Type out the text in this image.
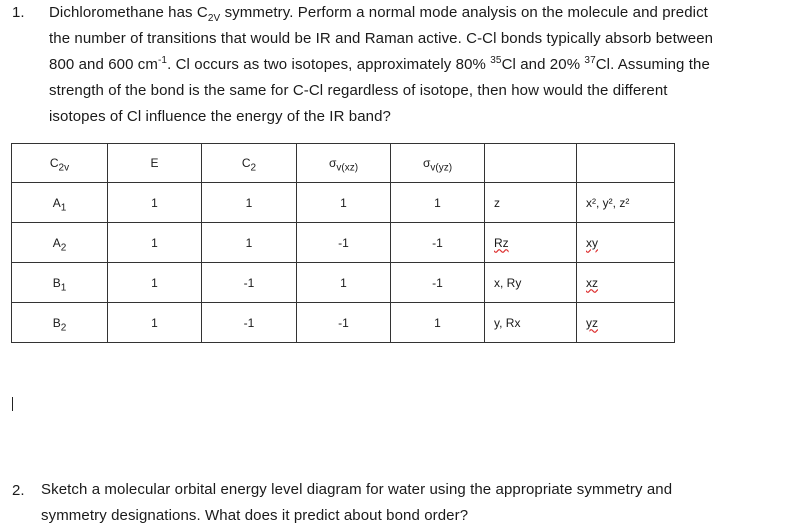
1. Dichloromethane has $C_{2V}$ symmetry. Perform a normal mode analysis on the molecule and predict

the number of transitions that would be IR and Raman active. C-Cl bonds typically absorb between

800 and 600 $cm^{-1}$. Cl occurs as two isotopes, approximately 80% $^{35}$Cl and 20% $^{37}$Cl. Assuming the

strength of the bond is the same for C-Cl regardless of isotope, then how would the different

isotopes of Cl influence the energy of the IR band?

$C_{2v}$	E	$C_2$	$\sigma_{v(xz)}$	$\sigma_{v(yz)}$		
$A_1$	1	1	1	1	z	x², y², z²
$A_2$	1	1	-1	-1	Rz	xy
$B_1$	1	-1	1	-1	x, Ry	xz
$B_2$	1	-1	-1	1	y, Rx	yz
2. Sketch a molecular orbital energy level diagram for water using the appropriate symmetry and

symmetry designations. What does it predict about bond order?
